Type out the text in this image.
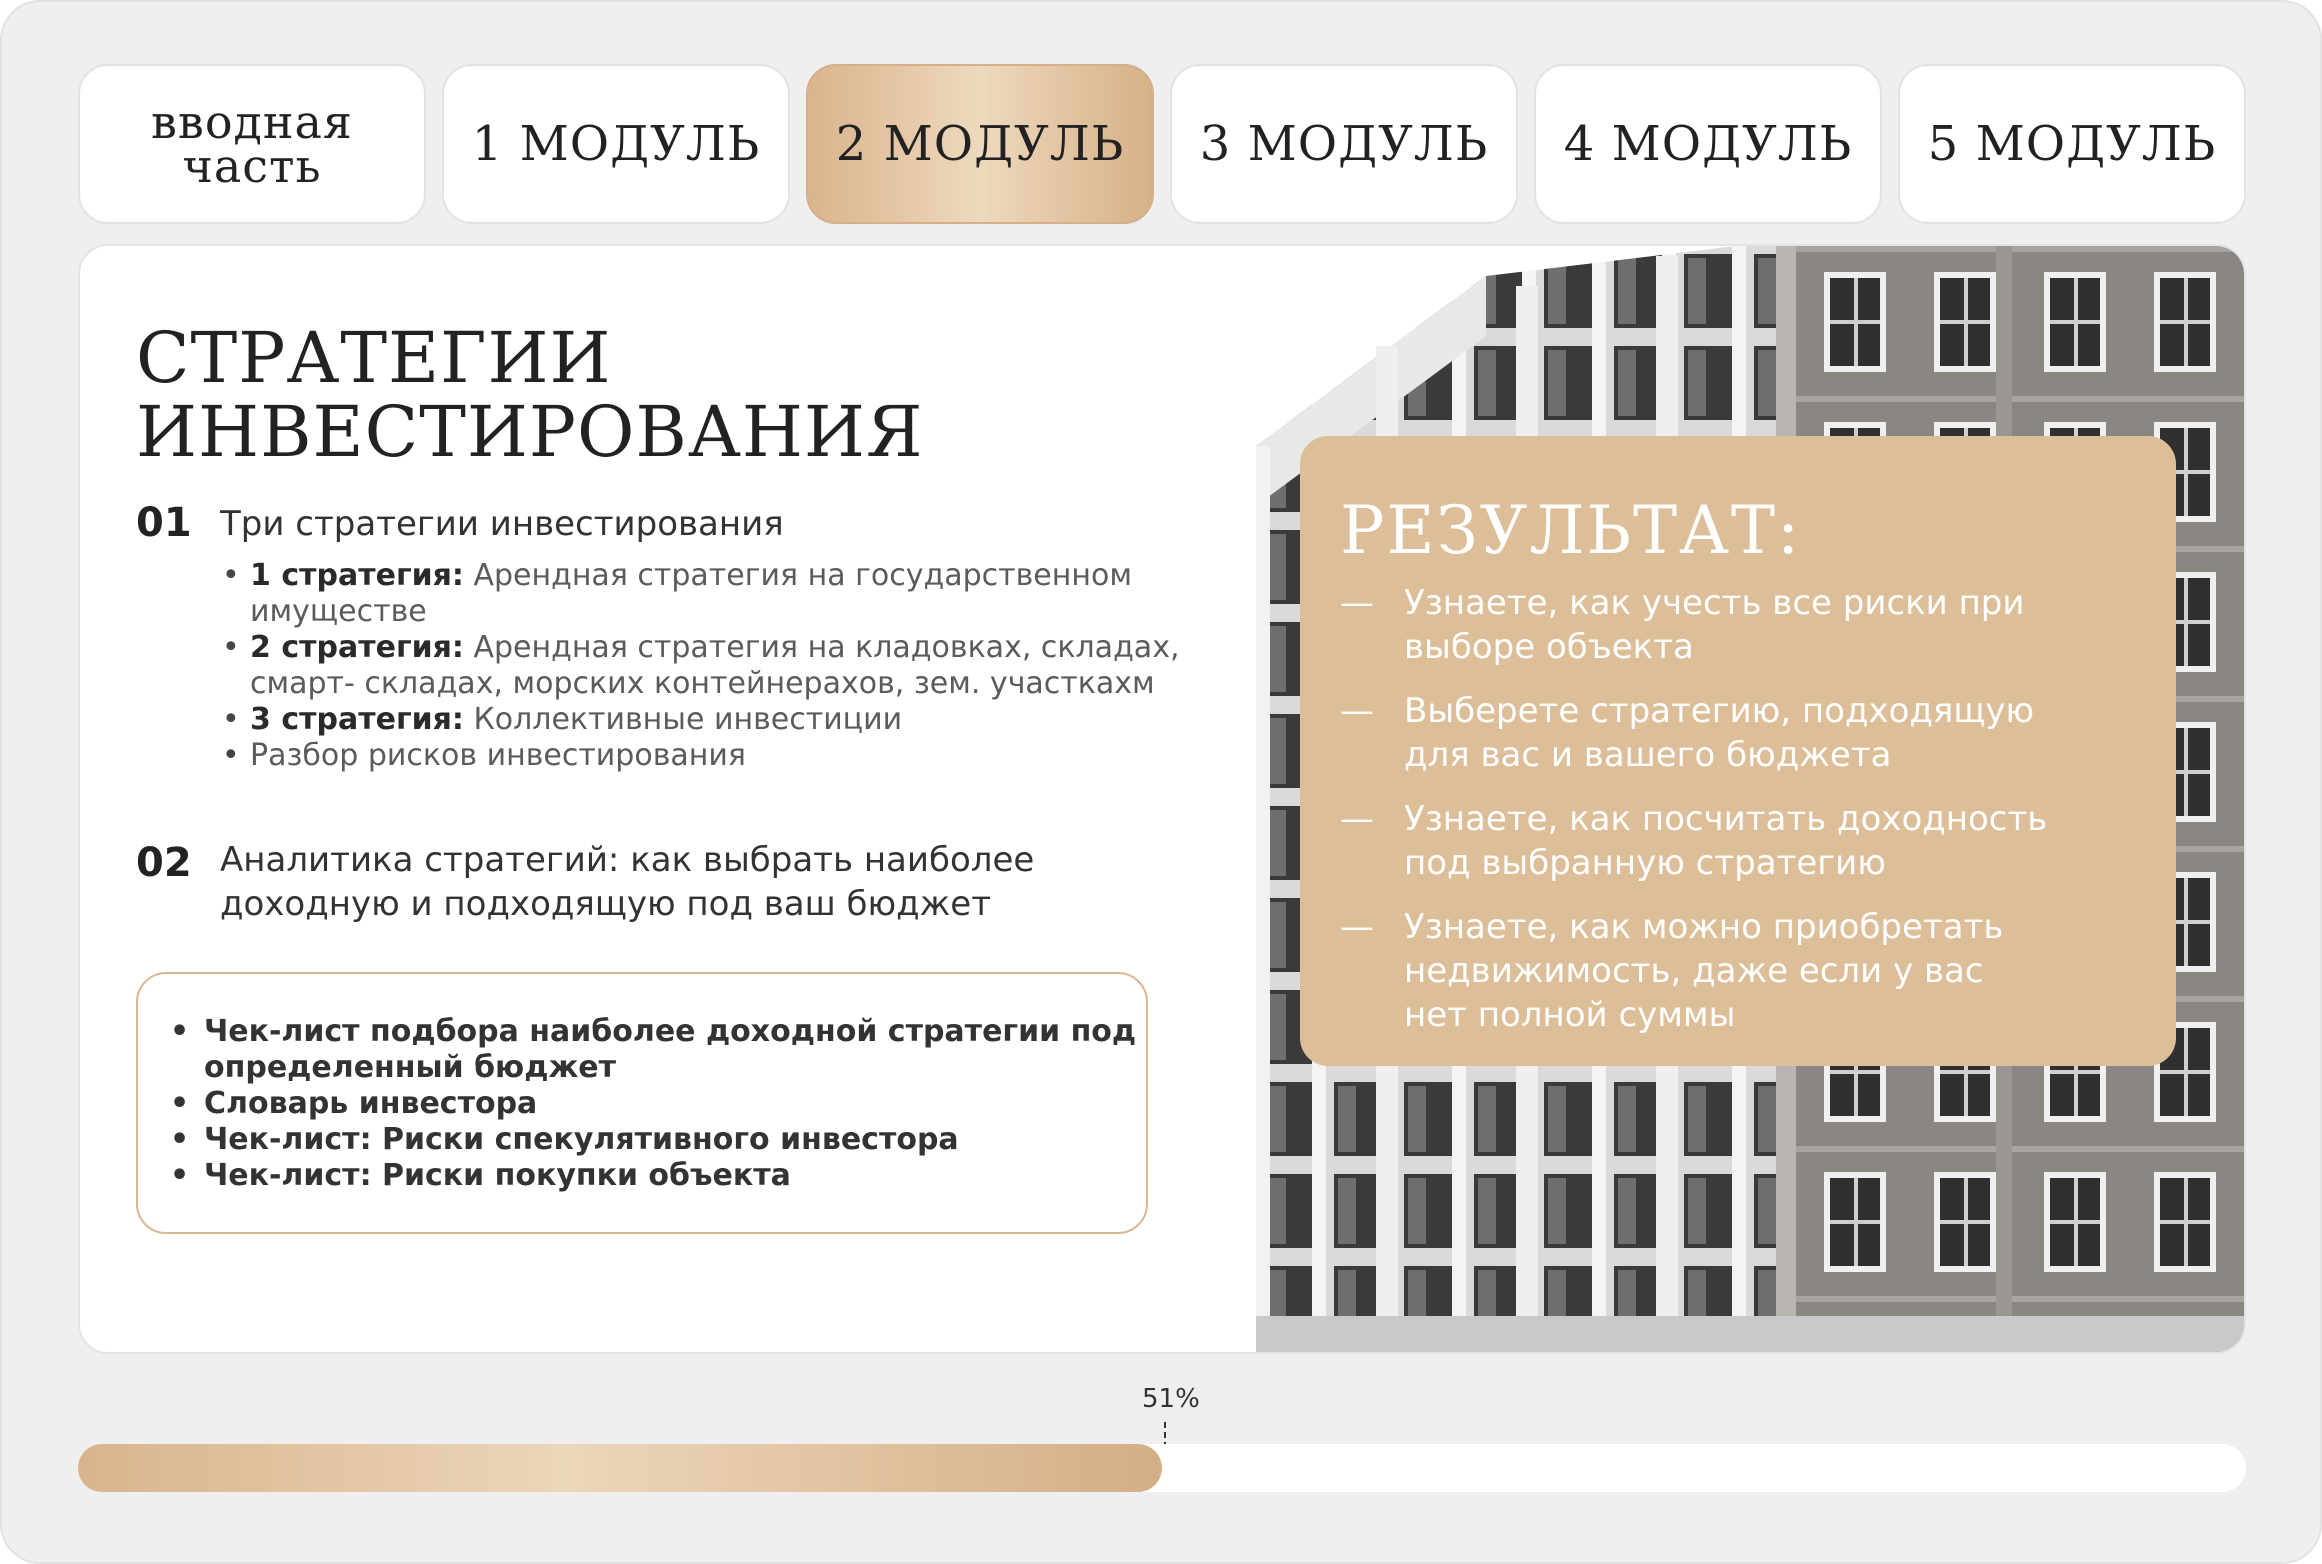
вводная
часть	1 МОДУЛЬ	2 МОДУЛЬ	3 МОДУЛЬ	4 МОДУЛЬ	5 МОДУЛЬ
СТРАТЕГИИ
ИНВЕСТИРОВАНИЯ
01 Три стратегии инвестирования
• 1 стратегия: Арендная стратегия на государственном имуществе
• 2 стратегия: Арендная стратегия на кладовках, складах, смарт- складах, морских контейнерахов, зем. участкахм
• 3 стратегия: Коллективные инвестиции
• Разбор рисков инвестирования
02 Аналитика стратегий: как выбрать наиболее
доходную и подходящую под ваш бюджет
• Чек-лист подбора наиболее доходной стратегии под определенный бюджет
• Словарь инвестора
• Чек-лист: Риски спекулятивного инвестора
• Чек-лист: Риски покупки объекта
РЕЗУЛЬТАТ:
— Узнаете, как учесть все риски при
выборе объекта
— Выберете стратегию, подходящую
для вас и вашего бюджета
— Узнаете, как посчитать доходность
под выбранную стратегию
— Узнаете, как можно приобретать
недвижимость, даже если у вас
нет полной суммы
51%
